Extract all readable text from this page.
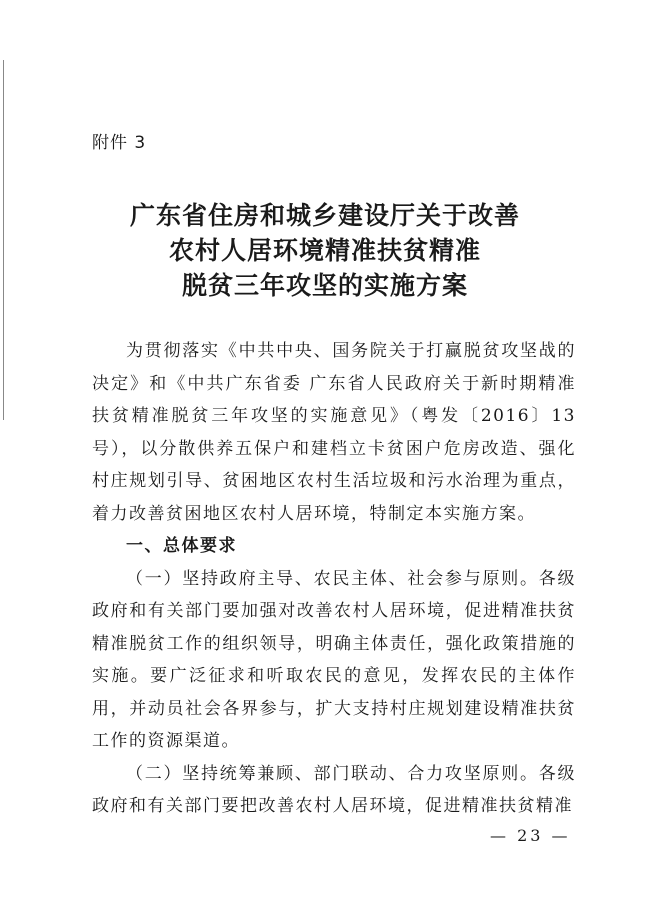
附件 3
广东省住房和城乡建设厅关于改善
农村人居环境精准扶贫精准
脱贫三年攻坚的实施方案

为贯彻落实《中共中央、国务院关于打赢脱贫攻坚战的决定》和《中共广东省委 广东省人民政府关于新时期精准扶贫精准脱贫三年攻坚的实施意见》（粤发〔2016〕13号），以分散供养五保户和建档立卡贫困户危房改造、强化村庄规划引导、贫困地区农村生活垃圾和污水治理为重点，着力改善贫困地区农村人居环境，特制定本实施方案。

一、总体要求

（一）坚持政府主导、农民主体、社会参与原则。各级政府和有关部门要加强对改善农村人居环境，促进精准扶贫精准脱贫工作的组织领导，明确主体责任，强化政策措施的实施。要广泛征求和听取农民的意见，发挥农民的主体作用，并动员社会各界参与，扩大支持村庄规划建设精准扶贫工作的资源渠道。

（二）坚持统筹兼顾、部门联动、合力攻坚原则。各级政府和有关部门要把改善农村人居环境，促进精准扶贫精准

— 23 —
